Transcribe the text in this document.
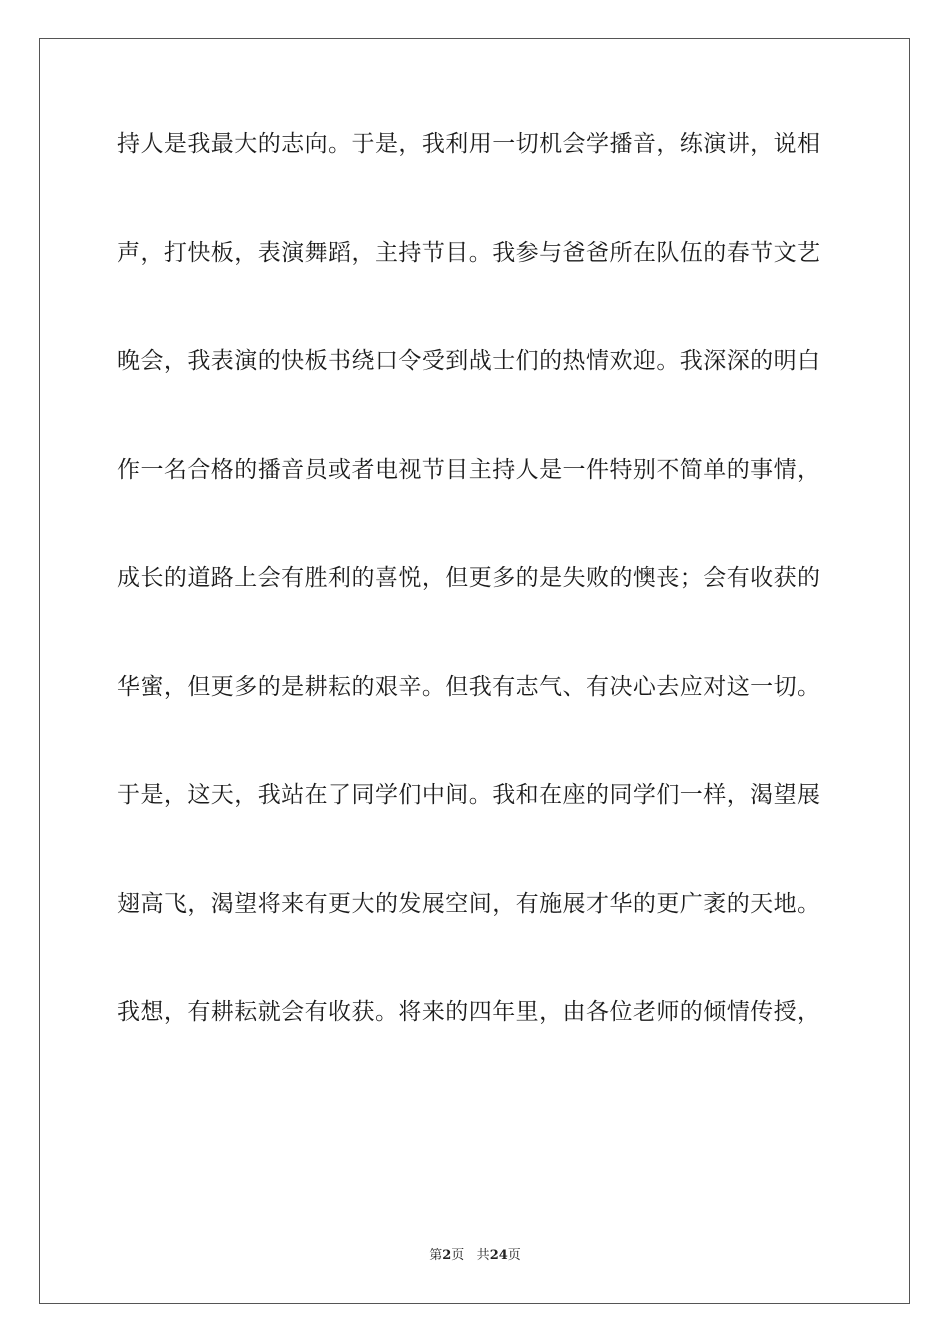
持人是我最大的志向。于是，我利用一切机会学播音，练演讲，说相
声，打快板，表演舞蹈，主持节目。我参与爸爸所在队伍的春节文艺
晚会，我表演的快板书绕口令受到战士们的热情欢迎。我深深的明白
作一名合格的播音员或者电视节目主持人是一件特别不简单的事情，
成长的道路上会有胜利的喜悦，但更多的是失败的懊丧；会有收获的
华蜜，但更多的是耕耘的艰辛。但我有志气、有决心去应对这一切。
于是，这天，我站在了同学们中间。我和在座的同学们一样，渴望展
翅高飞，渴望将来有更大的发展空间，有施展才华的更广袤的天地。
我想，有耕耘就会有收获。将来的四年里，由各位老师的倾情传授，
第2页 共24页
